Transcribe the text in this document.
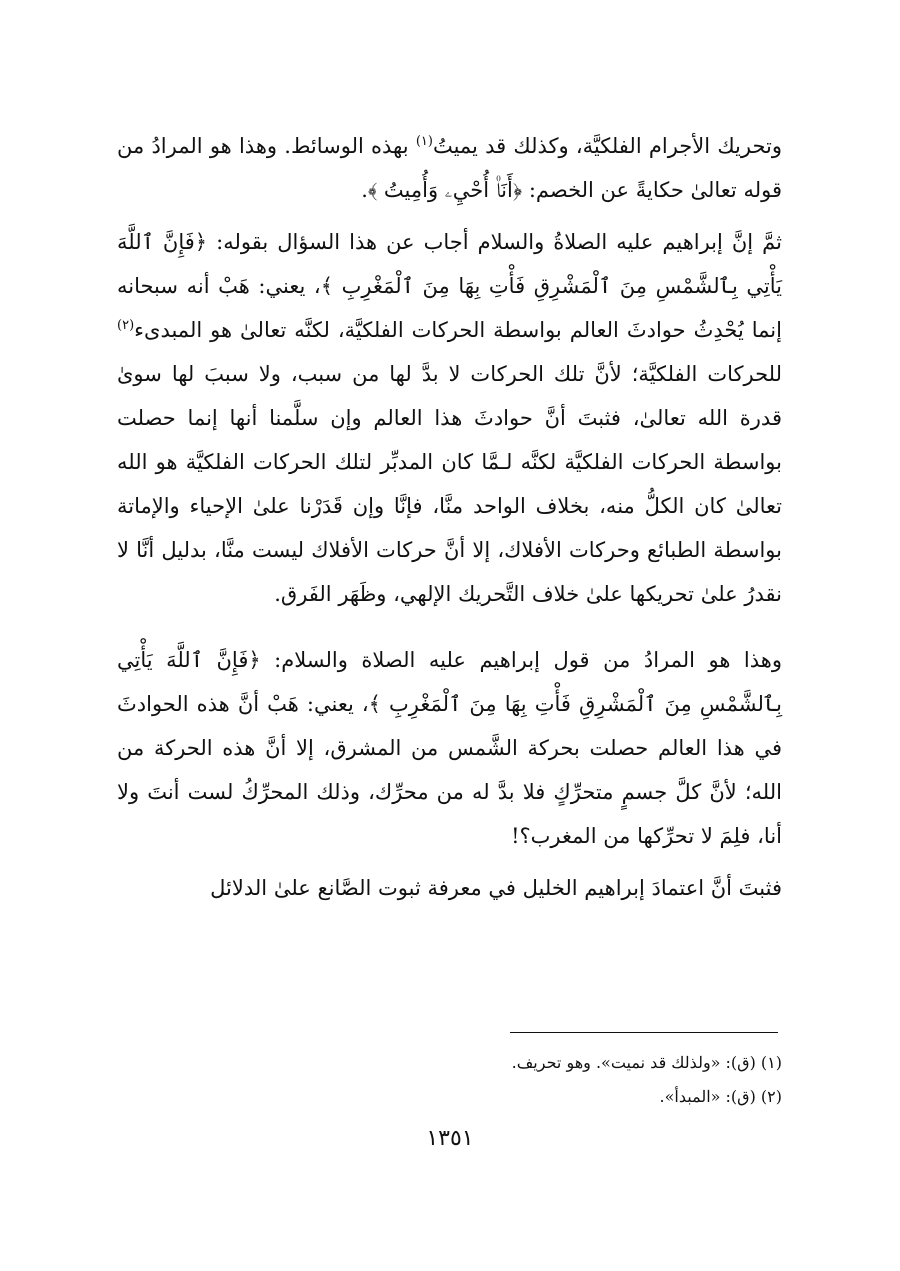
وتحريك الأجرام الفلكيَّة، وكذلك قد يميتُ$^{(١)}$ بهذه الوسائط. وهذا هو المرادُ من قوله تعالىٰ حكايةً عن الخصم: ﴿أَنَا۠ أُحْيِۦ وَأُمِيتُ ﴾.

ثمَّ إنَّ إبراهيم عليه الصلاةُ والسلام أجاب عن هذا السؤال بقوله: ﴿فَإِنَّ ٱللَّهَ يَأْتِي بِٱلشَّمْسِ مِنَ ٱلْمَشْرِقِ فَأْتِ بِهَا مِنَ ٱلْمَغْرِبِ ﴾، يعني: هَبْ أنه سبحانه إنما يُحْدِثُ حوادثَ العالم بواسطة الحركات الفلكيَّة، لكنَّه تعالىٰ هو المبدىء$^{(٢)}$ للحركات الفلكيَّة؛ لأنَّ تلك الحركات لا بدَّ لها من سبب، ولا سببَ لها سوىٰ قدرة الله تعالىٰ، فثبتَ أنَّ حوادثَ هذا العالم وإن سلَّمنا أنها إنما حصلت بواسطة الحركات الفلكيَّة لكنَّه لـمَّا كان المدبِّر لتلك الحركات الفلكيَّة هو الله تعالىٰ كان الكلُّ منه، بخلاف الواحد منَّا، فإنَّا وإن قَدَرْنا علىٰ الإحياء والإماتة بواسطة الطبائع وحركات الأفلاك، إلا أنَّ حركات الأفلاك ليست منَّا، بدليل أنَّا لا نقدرُ علىٰ تحريكها علىٰ خلاف التَّحريك الإلهي، وظَهَر الفَرق.

وهذا هو المرادُ من قول إبراهيم عليه الصلاة والسلام: ﴿فَإِنَّ ٱللَّهَ يَأْتِي بِٱلشَّمْسِ مِنَ ٱلْمَشْرِقِ فَأْتِ بِهَا مِنَ ٱلْمَغْرِبِ ﴾، يعني: هَبْ أنَّ هذه الحوادثَ في هذا العالم حصلت بحركة الشَّمس من المشرق، إلا أنَّ هذه الحركة من الله؛ لأنَّ كلَّ جسمٍ متحرِّكٍ فلا بدَّ له من محرِّك، وذلك المحرِّكُ لست أنتَ ولا أنا، فلِمَ لا تحرِّكها من المغرب؟!

فثبتَ أنَّ اعتمادَ إبراهيم الخليل في معرفة ثبوت الصَّانع علىٰ الدلائل

(١) (ق): «ولذلك قد نميت». وهو تحريف.

(٢) (ق): «المبدأ».

١٣٥١
